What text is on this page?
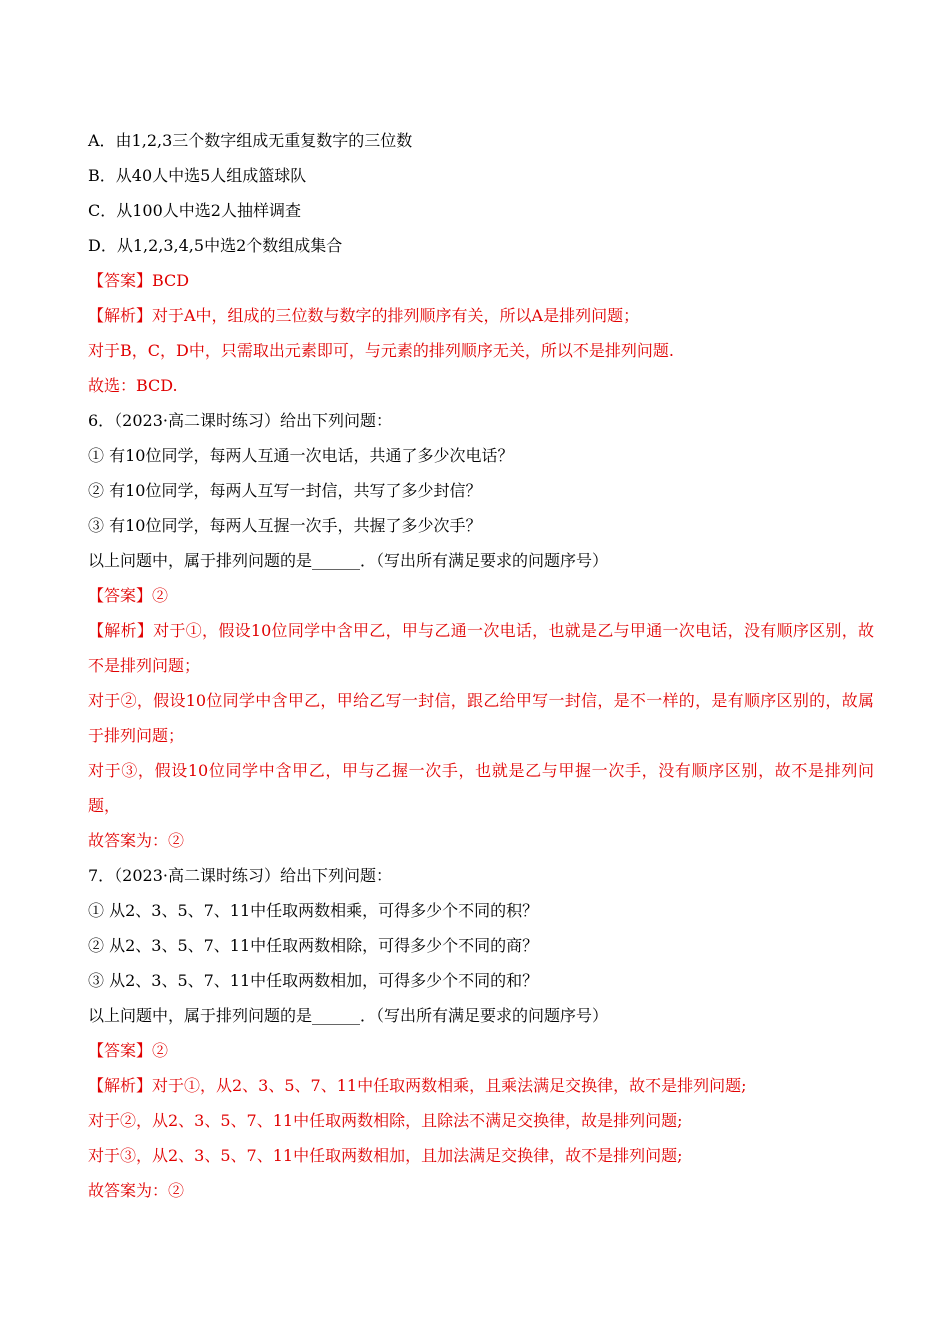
A．由1,2,3三个数字组成无重复数字的三位数
B．从40人中选5人组成篮球队
C．从100人中选2人抽样调查
D．从1,2,3,4,5中选2个数组成集合
【答案】BCD
【解析】对于A中，组成的三位数与数字的排列顺序有关，所以A是排列问题；
对于B，C，D中，只需取出元素即可，与元素的排列顺序无关，所以不是排列问题.
故选：BCD.
6．（2023·高二课时练习）给出下列问题：
① 有10位同学，每两人互通一次电话，共通了多少次电话？
② 有10位同学，每两人互写一封信，共写了多少封信？
③ 有10位同学，每两人互握一次手，共握了多少次手？
以上问题中，属于排列问题的是______．（写出所有满足要求的问题序号）
【答案】②
【解析】对于①，假设10位同学中含甲乙，甲与乙通一次电话，也就是乙与甲通一次电话，没有顺序区别，故不是排列问题；
对于②，假设10位同学中含甲乙，甲给乙写一封信，跟乙给甲写一封信，是不一样的，是有顺序区别的，故属于排列问题；
对于③，假设10位同学中含甲乙，甲与乙握一次手，也就是乙与甲握一次手，没有顺序区别，故不是排列问题，
故答案为：②
7．（2023·高二课时练习）给出下列问题：
① 从2、3、5、7、11中任取两数相乘，可得多少个不同的积？
② 从2、3、5、7、11中任取两数相除，可得多少个不同的商？
③ 从2、3、5、7、11中任取两数相加，可得多少个不同的和？
以上问题中，属于排列问题的是______．（写出所有满足要求的问题序号）
【答案】②
【解析】对于①，从2、3、5、7、11中任取两数相乘，且乘法满足交换律，故不是排列问题;
对于②，从2、3、5、7、11中任取两数相除，且除法不满足交换律，故是排列问题;
对于③，从2、3、5、7、11中任取两数相加，且加法满足交换律，故不是排列问题;
故答案为：②
